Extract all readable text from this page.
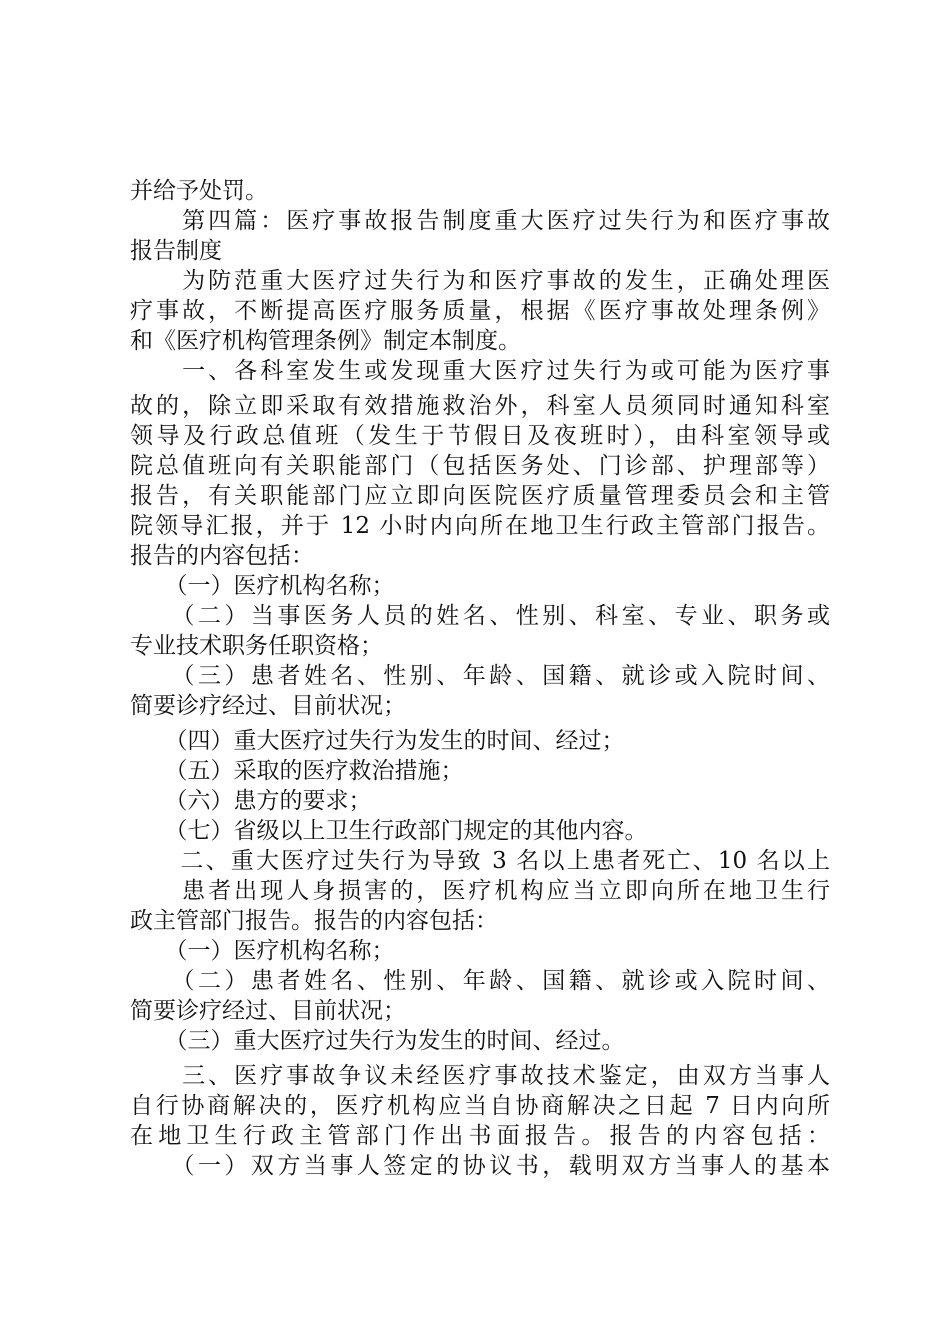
并给予处罚。

　　第四篇：医疗事故报告制度重大医疗过失行为和医疗事故

报告制度

　　为防范重大医疗过失行为和医疗事故的发生，正确处理医

疗事故，不断提高医疗服务质量，根据《医疗事故处理条例》

和《医疗机构管理条例》制定本制度。

　　一、各科室发生或发现重大医疗过失行为或可能为医疗事

故的，除立即采取有效措施救治外，科室人员须同时通知科室

领导及行政总值班（发生于节假日及夜班时），由科室领导或

院总值班向有关职能部门（包括医务处、门诊部、护理部等）

报告，有关职能部门应立即向医院医疗质量管理委员会和主管

院领导汇报，并于 12 小时内向所在地卫生行政主管部门报告。

报告的内容包括：

　　（一）医疗机构名称；

　　（二）当事医务人员的姓名、性别、科室、专业、职务或

专业技术职务任职资格；

　　（三）患者姓名、性别、年龄、国籍、就诊或入院时间、

简要诊疗经过、目前状况；

　　（四）重大医疗过失行为发生的时间、经过；

　　（五）采取的医疗救治措施；

　　（六）患方的要求；

　　（七）省级以上卫生行政部门规定的其他内容。

　　二、重大医疗过失行为导致 3 名以上患者死亡、10 名以上

　　患者出现人身损害的，医疗机构应当立即向所在地卫生行

政主管部门报告。报告的内容包括：

　　（一）医疗机构名称；

　　（二）患者姓名、性别、年龄、国籍、就诊或入院时间、

简要诊疗经过、目前状况；

　　（三）重大医疗过失行为发生的时间、经过。

　　三、医疗事故争议未经医疗事故技术鉴定，由双方当事人

自行协商解决的，医疗机构应当自协商解决之日起 7 日内向所

在地卫生行政主管部门作出书面报告。报告的内容包括：

　　（一）双方当事人签定的协议书，载明双方当事人的基本
